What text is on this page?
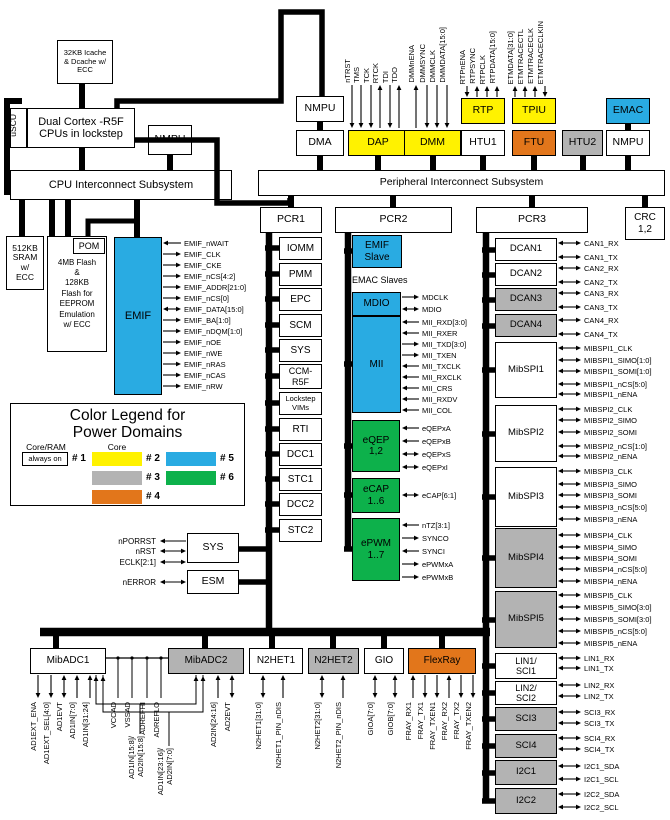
32KB Icache
& Dcache w/
ECC
uSCU Dual Cortex -R5F
CPUs in lockstep	NMPU
CPU Interconnect Subsystem
512KB
SRAM
w/
ECC
4MB Flash
&
128KB
Flash for
EEPROM
Emulation
w/ ECC
POM
EMIF
NMPU
DMA	DAP	DMM
RTP	TPIU	EMAC
HTU1	FTU HTU2 NMPU
Peripheral Interconnect Subsystem
PCR1	PCR2	PCR3	CRC
1,2
EMIF
Slave
EMAC Slaves
MDIO
MII
eQEP
1,2
eCAP
1..6
ePWM
1..7
SYS
ESM
Color Legend for
Power Domains
Core/RAM	Core
always on # 1	# 2
# 3
# 4
# 5
# 6
MibADC1	MibADC2	N2HET1 N2HET2 GIO	FlexRay
IOMM
PMM
EPC
SCM
SYS
CCM-
R5F
Lockstep
VIMs
RTI
DCC1
STC1
DCC2
STC2
DCAN1
CAN1_RX
CAN1_TX
DCAN2
CAN2_RX
CAN2_TX
DCAN3
CAN3_RX
CAN3_TX
DCAN4	CAN4_RX
CAN4_TX
MibSPI1
MIBSPI1_CLK
MIBSPI1_SIMO[1:0]
MIBSPI1_SOMI[1:0]
MIBSPI1_nCS[5:0]
MIBSPI1_nENA
MibSPI2
MIBSPI2_CLK
MIBSPI2_SIMO
MIBSPI2_SOMI
MIBSPI2_nCS[1:0]
MIBSPI2_nENA
MibSPI3
MIBSPI3_CLK
MIBSPI3_SIMO
MIBSPI3_SOMI
MIBSPI3_nCS[5:0]
MIBSPI3_nENA
MibSPI4
MIBSPI4_CLK
MIBSPI4_SIMO
MIBSPI4_SOMI
MIBSPI4_nCS[5:0]
MIBSPI4_nENA
MibSPI5
MIBSPI5_CLK
MIBSPI5_SIMO[3:0]
MIBSPI5_SOMI[3:0]
MIBSPI5_nCS[5:0]
MIBSPI5_nENA
LIN1/
SCI1
LIN1_RX
LIN1_TX
LIN2/
SCI2
LIN2_RX
LIN2_TX
SCI3
SCI3_RX
SCI3_TX
SCI4
SCI4_RX
SCI4_TX
I2C1
I2C1_SDA
I2C1_SCL
I2C2
I2C2_SDA
I2C2_SCL
EMIF_nWAIT
EMIF_CLK
EMIF_CKE
EMIF_nCS[4:2]
EMIF_ADDR[21:0]
EMIF_nCS[0]
EMIF_DATA[15:0]
EMIF_BA[1:0]
EMIF_nDQM[1:0]
EMIF_nOE
EMIF_nWE
EMIF_nRAS
EMIF_nCAS
EMIF_nRW
MDCLK
MDIO
MII_RXD[3:0]
MII_RXER
MII_TXD[3:0]
MII_TXEN
MII_TXCLK
MII_RXCLK
MII_CRS
MII_RXDV
MII_COL
eQEPxA
eQEPxB
eQEPxS
eQEPxI
eCAP[6:1]
nTZ[3:1]
SYNCO
SYNCI
ePWMxA
ePWMxB
nPORRST
nRST
ECLK[2:1]
nERROR
nTRST TMS TCK RTCK TDI TDO DMMnENA DMMSYNC DMMCLK DMMDATA[15:0] RTPnENA RTPSYNC RTPCLK RTPDATA[15:0] ETMDATA[31:0] ETMTRACECTL ETMTRACECLK ETMTRACECLKIN
AD1EXT_ENA AD1EXT_SEL[4:0] AD1EVT AD1IN[7:0] AD1IN[31:24]	AD2IN[24:16] AD2EVT	N2HET1[31:0] N2HET1_PIN_nDIS	N2HET2[31:0] N2HET2_PIN_nDIS	GIOA[7:0] GIOB[7:0] FRAY_RX1 FRAY_TX1 FRAY_TXEN1 FRAY_RX2 FRAY_TX2 FRAY_TXEN2
VCCAD VSSAD ADREFHI ADREFLO
AD1IN[15:8]/ AD2IN[15:8] AD1IN[23:16]/ AD2IN[7:0]
